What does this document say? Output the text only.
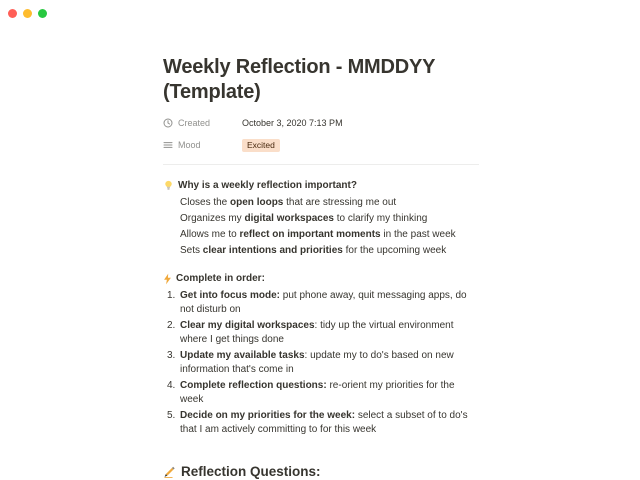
Weekly Reflection - MMDDYY (Template)
Created	October 3, 2020 7:13 PM
Mood	Excited
Why is a weekly reflection important?
Closes the open loops that are stressing me out
Organizes my digital workspaces to clarify my thinking
Allows me to reflect on important moments in the past week
Sets clear intentions and priorities for the upcoming week
Complete in order:
1. Get into focus mode: put phone away, quit messaging apps, do not disturb on
2. Clear my digital workspaces: tidy up the virtual environment where I get things done
3. Update my available tasks: update my to do's based on new information that's come in
4. Complete reflection questions: re-orient my priorities for the week
5. Decide on my priorities for the week: select a subset of to do's that I am actively committing to for this week
Reflection Questions:
